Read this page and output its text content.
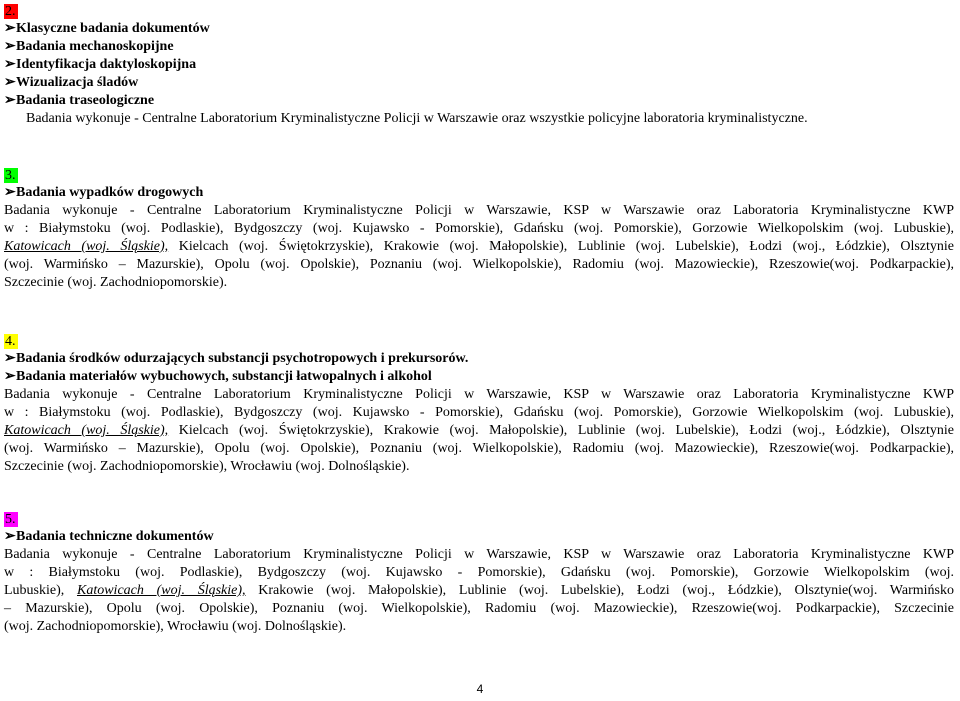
2.
➢Klasyczne badania dokumentów
➢Badania mechanoskopijne
➢Identyfikacja daktyloskopijna
➢Wizualizacja śladów
➢Badania traseologiczne
Badania wykonuje - Centralne Laboratorium Kryminalistyczne Policji w Warszawie oraz wszystkie policyjne laboratoria kryminalistyczne.
3.
➢Badania wypadków drogowych
Badania wykonuje - Centralne Laboratorium Kryminalistyczne Policji w Warszawie, KSP w Warszawie oraz Laboratoria Kryminalistyczne KWP
w : Białymstoku (woj. Podlaskie), Bydgoszczy (woj. Kujawsko - Pomorskie), Gdańsku (woj. Pomorskie), Gorzowie Wielkopolskim (woj. Lubuskie),
Katowicach (woj. Śląskie), Kielcach (woj. Świętokrzyskie), Krakowie (woj. Małopolskie), Lublinie (woj. Lubelskie), Łodzi (woj., Łódzkie), Olsztynie
(woj. Warmińsko – Mazurskie), Opolu (woj. Opolskie), Poznaniu (woj. Wielkopolskie), Radomiu (woj. Mazowieckie), Rzeszowie(woj. Podkarpackie),
Szczecinie (woj. Zachodniopomorskie).
4.
➢Badania środków odurzających substancji psychotropowych i prekursorów.
➢Badania materiałów wybuchowych, substancji łatwopalnych i alkohol
Badania wykonuje - Centralne Laboratorium Kryminalistyczne Policji w Warszawie, KSP w Warszawie oraz Laboratoria Kryminalistyczne KWP
w : Białymstoku (woj. Podlaskie), Bydgoszczy (woj. Kujawsko - Pomorskie), Gdańsku (woj. Pomorskie), Gorzowie Wielkopolskim (woj. Lubuskie),
Katowicach (woj. Śląskie), Kielcach (woj. Świętokrzyskie), Krakowie (woj. Małopolskie), Lublinie (woj. Lubelskie), Łodzi (woj., Łódzkie), Olsztynie
(woj. Warmińsko – Mazurskie), Opolu (woj. Opolskie), Poznaniu (woj. Wielkopolskie), Radomiu (woj. Mazowieckie), Rzeszowie(woj. Podkarpackie),
Szczecinie (woj. Zachodniopomorskie), Wrocławiu (woj. Dolnośląskie).
5.
➢Badania techniczne dokumentów
Badania wykonuje - Centralne Laboratorium Kryminalistyczne Policji w Warszawie, KSP w Warszawie oraz Laboratoria Kryminalistyczne KWP
w : Białymstoku (woj. Podlaskie), Bydgoszczy (woj. Kujawsko - Pomorskie), Gdańsku (woj. Pomorskie), Gorzowie Wielkopolskim (woj.
Lubuskie), Katowicach (woj. Śląskie), Krakowie (woj. Małopolskie), Lublinie (woj. Lubelskie), Łodzi (woj., Łódzkie), Olsztynie(woj. Warmińsko
– Mazurskie), Opolu (woj. Opolskie), Poznaniu (woj. Wielkopolskie), Radomiu (woj. Mazowieckie), Rzeszowie(woj. Podkarpackie), Szczecinie
(woj. Zachodniopomorskie), Wrocławiu (woj. Dolnośląskie).
4
